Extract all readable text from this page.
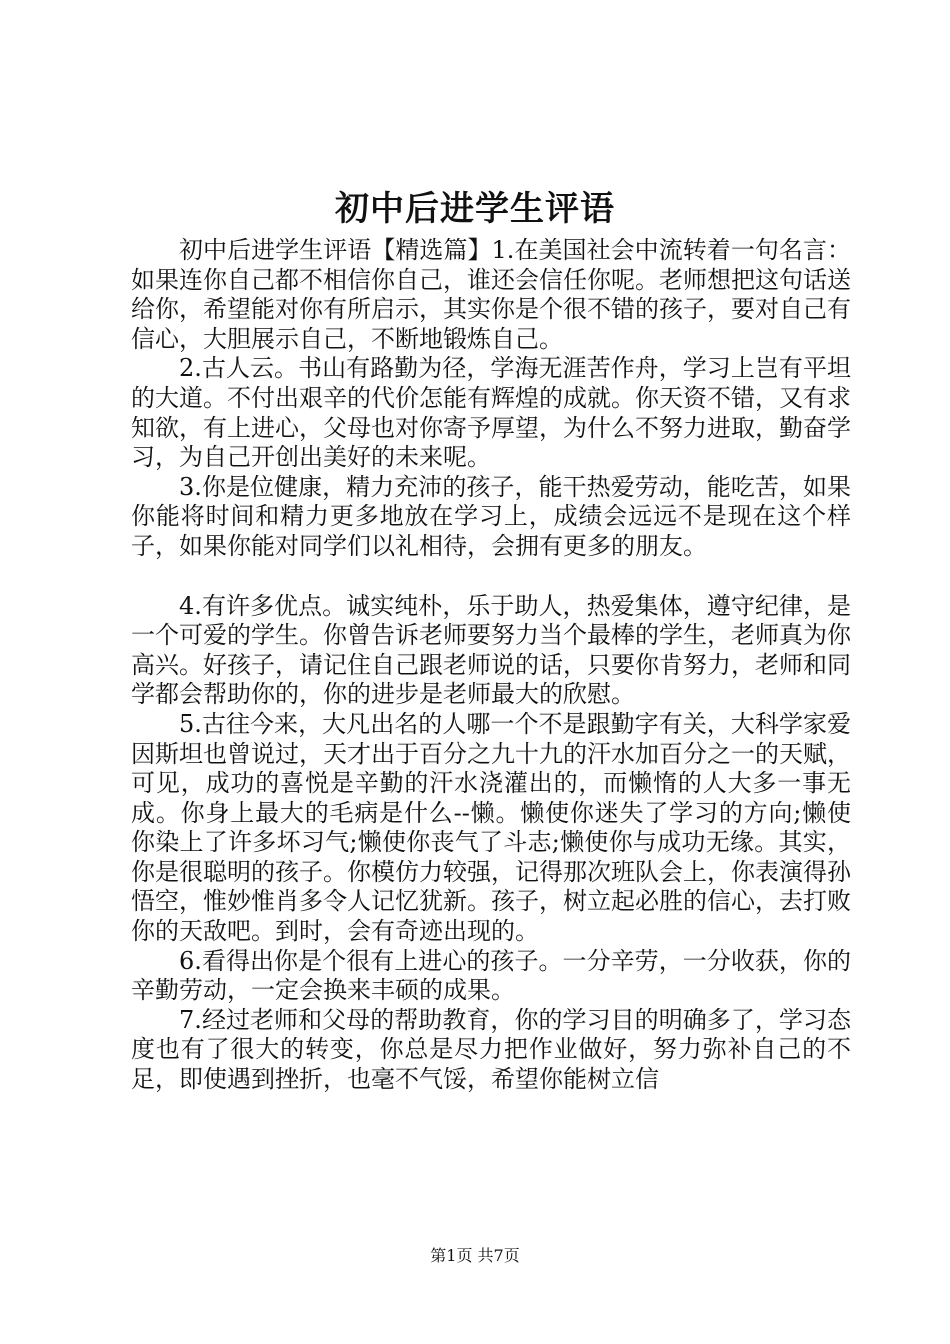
初中后进学生评语

初中后进学生评语【精选篇】1.在美国社会中流转着一句名言：如果连你自己都不相信你自己，谁还会信任你呢。老师想把这句话送给你，希望能对你有所启示，其实你是个很不错的孩子，要对自己有信心，大胆展示自己，不断地锻炼自己。

2.古人云。书山有路勤为径，学海无涯苦作舟，学习上岂有平坦的大道。不付出艰辛的代价怎能有辉煌的成就。你天资不错，又有求知欲，有上进心，父母也对你寄予厚望，为什么不努力进取，勤奋学习，为自己开创出美好的未来呢。

3.你是位健康，精力充沛的孩子，能干热爱劳动，能吃苦，如果你能将时间和精力更多地放在学习上，成绩会远远不是现在这个样子，如果你能对同学们以礼相待，会拥有更多的朋友。

4.有许多优点。诚实纯朴，乐于助人，热爱集体，遵守纪律，是一个可爱的学生。你曾告诉老师要努力当个最棒的学生，老师真为你高兴。好孩子，请记住自己跟老师说的话，只要你肯努力，老师和同学都会帮助你的，你的进步是老师最大的欣慰。

5.古往今来，大凡出名的人哪一个不是跟勤字有关，大科学家爱因斯坦也曾说过，天才出于百分之九十九的汗水加百分之一的天赋，可见，成功的喜悦是辛勤的汗水浇灌出的，而懒惰的人大多一事无成。你身上最大的毛病是什么--懒。懒使你迷失了学习的方向;懒使你染上了许多坏习气;懒使你丧气了斗志;懒使你与成功无缘。其实，你是很聪明的孩子。你模仿力较强，记得那次班队会上，你表演得孙悟空，惟妙惟肖多令人记忆犹新。孩子，树立起必胜的信心，去打败你的天敌吧。到时，会有奇迹出现的。

6.看得出你是个很有上进心的孩子。一分辛劳，一分收获，你的辛勤劳动，一定会换来丰硕的成果。

7.经过老师和父母的帮助教育，你的学习目的明确多了，学习态度也有了很大的转变，你总是尽力把作业做好，努力弥补自己的不足，即使遇到挫折，也毫不气馁，希望你能树立信

第1页 共7页
